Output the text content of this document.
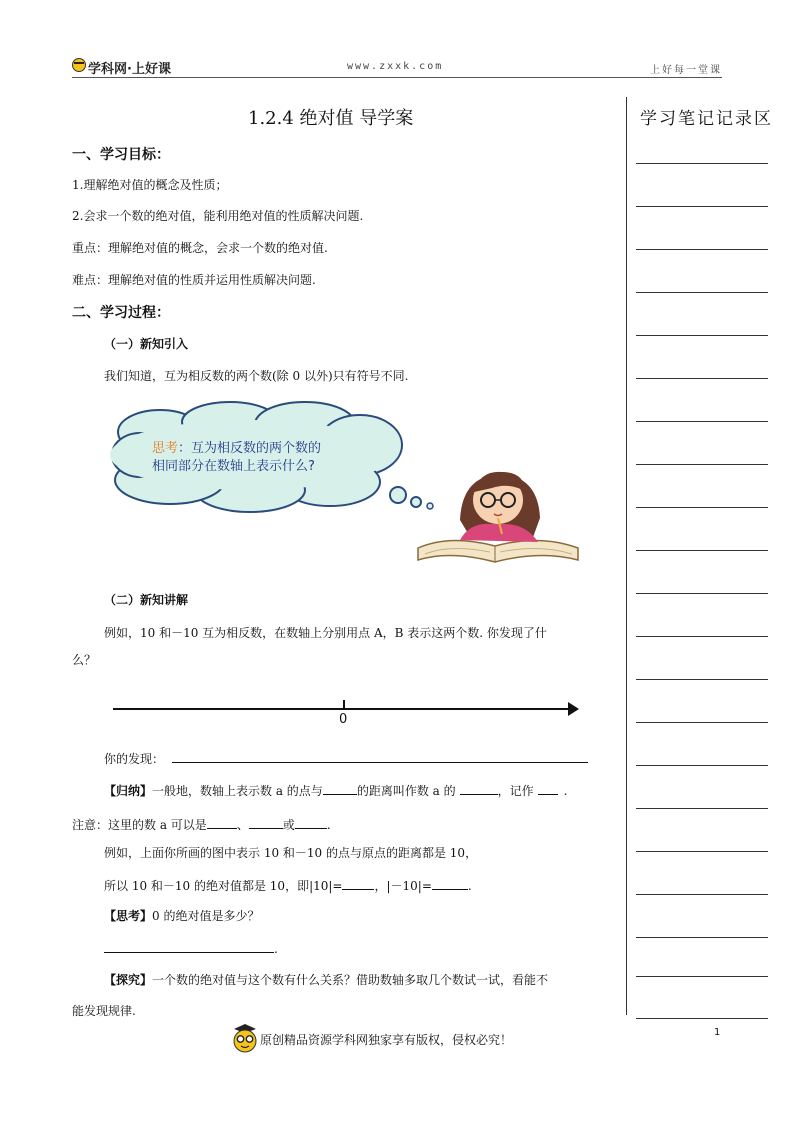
学科网·上好课	www.zxxk.com	上好每一堂课
学习笔记记录区
1.2.4 绝对值 导学案
一、学习目标：
1.理解绝对值的概念及性质；
2.会求一个数的绝对值，能利用绝对值的性质解决问题.
重点：理解绝对值的概念，会求一个数的绝对值.
难点：理解绝对值的性质并运用性质解决问题.
二、学习过程：
（一）新知引入
我们知道，互为相反数的两个数(除 0 以外)只有符号不同.
思考：互为相反数的两个数的
相同部分在数轴上表示什么?
（二）新知讲解
例如，10 和－10 互为相反数，在数轴上分别用点 A，B 表示这两个数. 你发现了什
么？
0
你的发现：
【归纳】一般地，数轴上表示数 a 的点与	的距离叫作数 a 的	，记作	.
注意：这里的数 a 可以是	、	或	.
例如，上面你所画的图中表示 10 和－10 的点与原点的距离都是 10，
所以 10 和－10 的绝对值都是 10，即|10|=	，|－10|=	.
【思考】0 的绝对值是多少？
.
【探究】一个数的绝对值与这个数有什么关系？借助数轴多取几个数试一试，看能不
能发现规律.
1
原创精品资源学科网独家享有版权，侵权必究！
